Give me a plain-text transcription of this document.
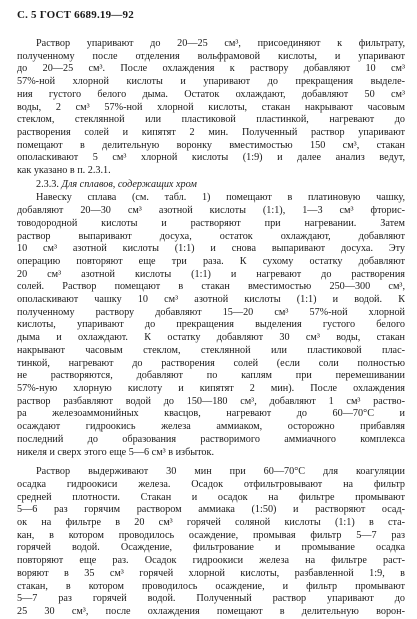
С. 5 ГОСТ 6689.19—92
Раствор упаривают до 20—25 см³, присоединяют к фильтрату,
полученному после отделения вольфрамовой кислоты, и упаривают
до 20—25 см³. После охлаждения к раствору добавляют 10 см³
57%-ной хлорной кислоты и упаривают до прекращения выделе-
ния густого белого дыма. Остаток охлаждают, добавляют 50 см³
воды, 2 см³ 57%-ной хлорной кислоты, стакан накрывают часовым
стеклом, стеклянной или пластиковой пластинкой, нагревают до
растворения солей и кипятят 2 мин. Полученный раствор упаривают
помещают в делительную воронку вместимостью 150 см³, стакан
ополаскивают 5 см³ хлорной кислоты (1:9) и далее анализ ведут,
как указано в п. 2.3.1.
2.3.3. Для сплавов, содержащих хром
Навеску сплава (см. табл. 1) помещают в платиновую чашку,
добавляют 20—30 см³ азотной кислоты (1:1), 1—3 см³ фторис-
товодородной кислоты и растворяют при нагревании. Затем
раствор выпаривают досуха, остаток охлаждают, добавляют
10 см³ азотной кислоты (1:1) и снова выпаривают досуха. Эту
операцию повторяют еще три раза. К сухому остатку добавляют
20 см³ азотной кислоты (1:1) и нагревают до растворения
солей. Раствор помещают в стакан вместимостью 250—300 см³,
ополаскивают чашку 10 см³ азотной кислоты (1:1) и водой. К
полученному раствору добавляют 15—20 см³ 57%-ной хлорной
кислоты, упаривают до прекращения выделения густого белого
дыма и охлаждают. К остатку добавляют 30 см³ воды, стакан
накрывают часовым стеклом, стеклянной или пластиковой плас-
тинкой, нагревают до растворения солей (если соли полностью
не растворяются, добавляют по каплям при перемешивании
57%-ную хлорную кислоту и кипятят 2 мин). После охлаждения
раствор разбавляют водой до 150—180 см³, добавляют 1 см³ раство-
ра железоаммонийных квасцов, нагревают до 60—70°С и
осаждают гидроокись железа аммиаком, осторожно прибавляя
последний до образования растворимого аммиачного комплекса
никеля и сверх этого еще 5—6 см³ в избыток.
Раствор выдерживают 30 мин при 60—70°С для коагуляции
осадка гидроокиси железа. Осадок отфильтровывают на фильтр
средней плотности. Стакан и осадок на фильтре промывают
5—6 раз горячим раствором аммиака (1:50) и растворяют осад-
ок на фильтре в 20 см³ горячей соляной кислоты (1:1) в ста-
кан, в котором проводилось осаждение, промывая фильтр 5—7 раз
горячей водой. Осаждение, фильтрование и промывание осадка
повторяют еще раз. Осадок гидроокиси железа на фильтре раст-
воряют в 35 см³ горячей хлорной кислоты, разбавленной 1:9, в
стакан, в котором проводилось осаждение, и фильтр промывают
5—7 раз горячей водой. Полученный раствор упаривают до
25 30 см³, после охлаждения помещают в делительную ворон-
